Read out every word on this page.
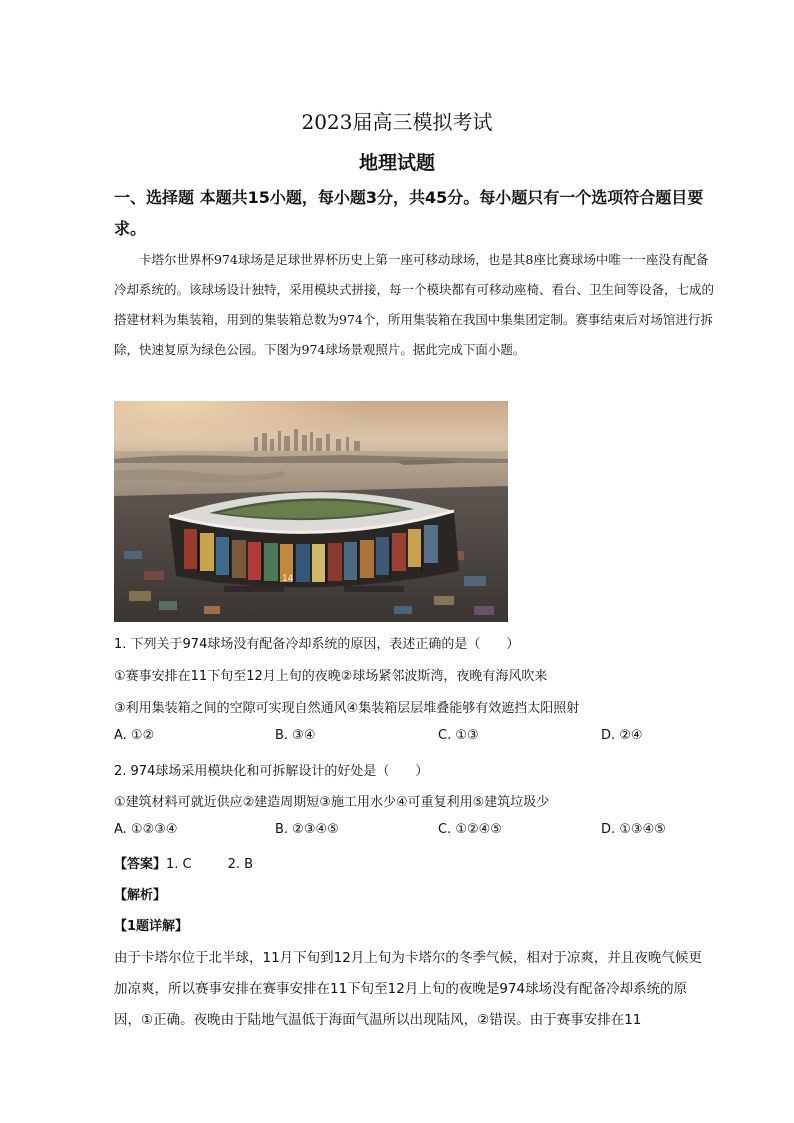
2023届高三模拟考试
地理试题
一、选择题 本题共15小题，每小题3分，共45分。每小题只有一个选项符合题目要求。

卡塔尔世界杯974球场是足球世界杯历史上第一座可移动球场，也是其8座比赛球场中唯一一座没有配备冷却系统的。该球场设计独特，采用模块式拼接，每一个模块都有可移动座椅、看台、卫生间等设备，七成的搭建材料为集装箱，用到的集装箱总数为974个，所用集装箱在我国中集集团定制。赛事结束后对场馆进行拆除，快速复原为绿色公园。下图为974球场景观照片。据此完成下面小题。

14
1. 下列关于974球场没有配备冷却系统的原因，表述正确的是（　　）
①赛事安排在11下旬至12月上旬的夜晚②球场紧邻波斯湾，夜晚有海风吹来
③利用集装箱之间的空隙可实现自然通风④集装箱层层堆叠能够有效遮挡太阳照射
A. ①②	B. ③④	C. ①③	D. ②④
2. 974球场采用模块化和可拆解设计的好处是（　　）
①建筑材料可就近供应②建造周期短③施工用水少④可重复利用⑤建筑垃圾少
A. ①②③④	B. ②③④⑤	C. ①②④⑤	D. ①③④⑤
【答案】1. C	2. B
【解析】
【1题详解】

由于卡塔尔位于北半球，11月下旬到12月上旬为卡塔尔的冬季气候，相对于凉爽，并且夜晚气候更加凉爽，所以赛事安排在赛事安排在11下旬至12月上旬的夜晚是974球场没有配备冷却系统的原因，①正确。夜晚由于陆地气温低于海面气温所以出现陆风，②错误。由于赛事安排在11
